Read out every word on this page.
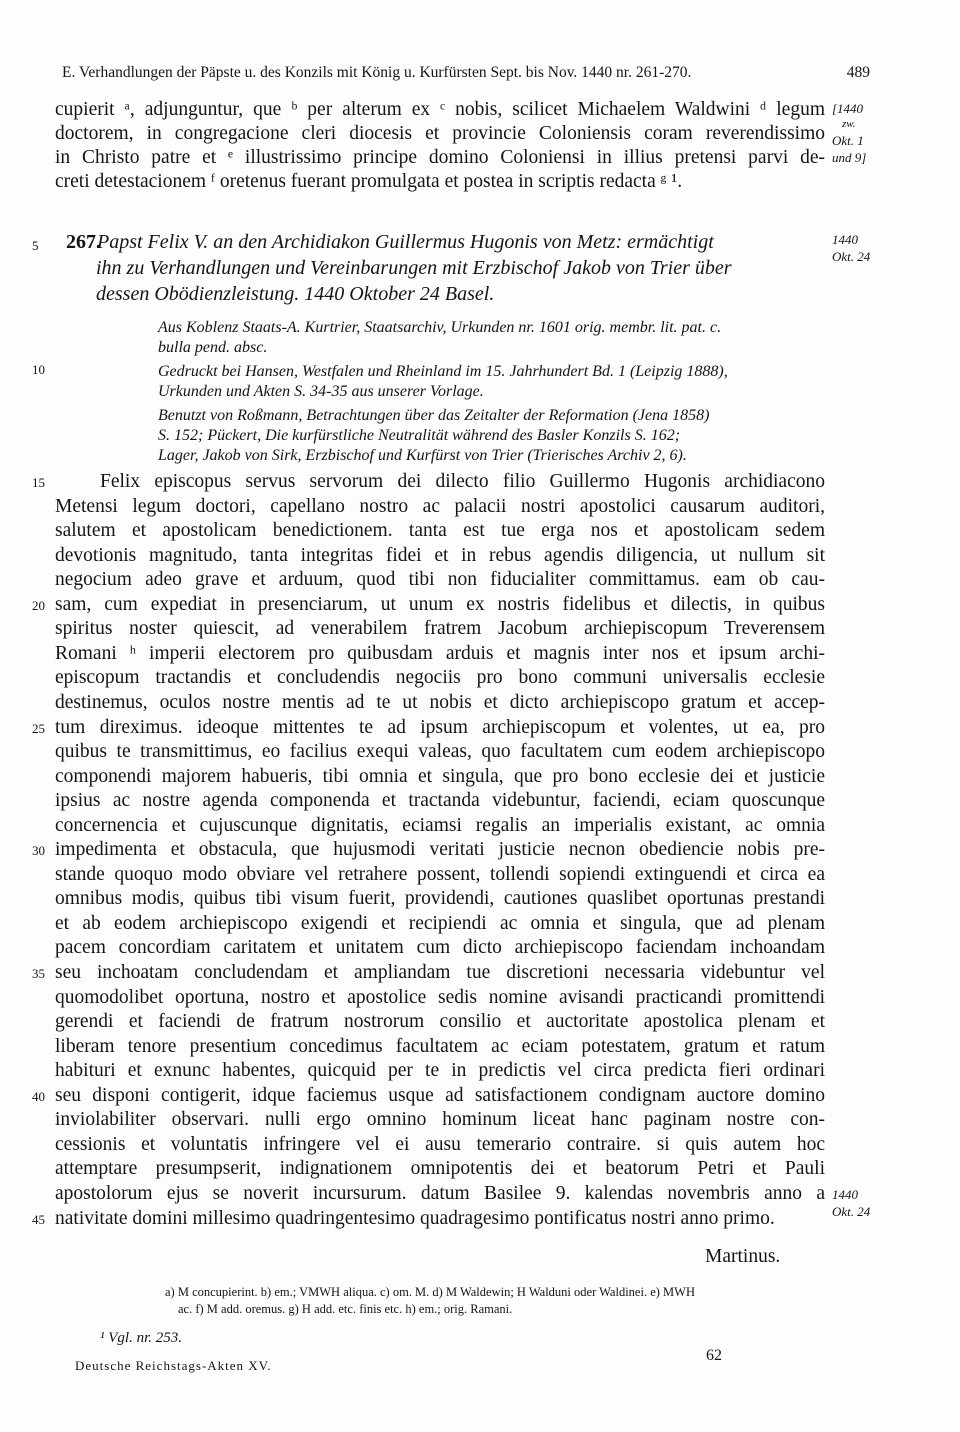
E. Verhandlungen der Päpste u. des Konzils mit König u. Kurfürsten Sept. bis Nov. 1440 nr. 261-270.	489
cupierit ᵃ, adjunguntur, que ᵇ per alterum ex ᶜ nobis, scilicet Michaelem Waldwini ᵈ legum
doctorem, in congregacione cleri diocesis et provincie Coloniensis coram reverendissimo
in Christo patre et ᵉ illustrissimo principe domino Coloniensi in illius pretensi parvi de-
creti detestacionem ᶠ oretenus fuerant promulgata et postea in scriptis redacta ᵍ ¹.
[1440
zw.
Okt. 1
und 9]
5	Papst Felix V. an den Archidiakon Guillermus Hugonis von Metz: ermächtigt
ihn zu Verhandlungen und Vereinbarungen mit Erzbischof Jakob von Trier über
dessen Obödienzleistung. 1440 Oktober 24 Basel.
267.	1440
Okt. 24
Aus Koblenz Staats-A. Kurtrier, Staatsarchiv, Urkunden nr. 1601 orig. membr. lit. pat. c.
bulla pend. absc.
Gedruckt bei Hansen, Westfalen und Rheinland im 15. Jahrhundert Bd. 1 (Leipzig 1888),
Urkunden und Akten S. 34-35 aus unserer Vorlage.
Benutzt von Roßmann, Betrachtungen über das Zeitalter der Reformation (Jena 1858)
S. 152; Pückert, Die kurfürstliche Neutralität während des Basler Konzils S. 162;
Lager, Jakob von Sirk, Erzbischof und Kurfürst von Trier (Trierisches Archiv 2, 6).
10
Felix episcopus servus servorum dei dilecto filio Guillermo Hugonis archidiacono
Metensi legum doctori, capellano nostro ac palacii nostri apostolici causarum auditori,
salutem et apostolicam benedictionem. tanta est tue erga nos et apostolicam sedem
devotionis magnitudo, tanta integritas fidei et in rebus agendis diligencia, ut nullum sit
negocium adeo grave et arduum, quod tibi non fiducialiter committamus. eam ob cau-
sam, cum expediat in presenciarum, ut unum ex nostris fidelibus et dilectis, in quibus
spiritus noster quiescit, ad venerabilem fratrem Jacobum archiepiscopum Treverensem
Romani ʰ imperii electorem pro quibusdam arduis et magnis inter nos et ipsum archi-
episcopum tractandis et concludendis negociis pro bono communi universalis ecclesie
destinemus, oculos nostre mentis ad te ut nobis et dicto archiepiscopo gratum et accep-
tum direximus. ideoque mittentes te ad ipsum archiepiscopum et volentes, ut ea, pro
quibus te transmittimus, eo facilius exequi valeas, quo facultatem cum eodem archiepiscopo
componendi majorem habueris, tibi omnia et singula, que pro bono ecclesie dei et justicie
ipsius ac nostre agenda componenda et tractanda videbuntur, faciendi, eciam quoscunque
concernencia et cujuscunque dignitatis, eciamsi regalis an imperialis existant, ac omnia
impedimenta et obstacula, que hujusmodi veritati justicie necnon obediencie nobis pre-
stande quoquo modo obviare vel retrahere possent, tollendi sopiendi extinguendi et circa ea
omnibus modis, quibus tibi visum fuerit, providendi, cautiones quaslibet oportunas prestandi
et ab eodem archiepiscopo exigendi et recipiendi ac omnia et singula, que ad plenam
pacem concordiam caritatem et unitatem cum dicto archiepiscopo faciendam inchoandam
seu inchoatam concludendam et ampliandam tue discretioni necessaria videbuntur vel
quomodolibet oportuna, nostro et apostolice sedis nomine avisandi practicandi promittendi
gerendi et faciendi de fratrum nostrorum consilio et auctoritate apostolica plenam et
liberam tenore presentium concedimus facultatem ac eciam potestatem, gratum et ratum
habituri et exnunc habentes, quicquid per te in predictis vel circa predicta fieri ordinari
seu disponi contigerit, idque faciemus usque ad satisfactionem condignam auctore domino
inviolabiliter observari. nulli ergo omnino hominum liceat hanc paginam nostre con-
cessionis et voluntatis infringere vel ei ausu temerario contraire. si quis autem hoc
attemptare presumpserit, indignationem omnipotentis dei et beatorum Petri et Pauli
apostolorum ejus se noverit incursurum. datum Basilee 9. kalendas novembris anno a
nativitate domini millesimo quadringentesimo quadragesimo pontificatus nostri anno primo.
15
20
25
30
35
40
45
1440
Okt. 24
Martinus.
a) M concupierint. b) em.; VMWH aliqua. c) om. M. d) M Waldewin; H Walduni oder Waldinei. e) MWH
ac. f) M add. oremus. g) H add. etc. finis etc. h) em.; orig. Ramani.
¹ Vgl. nr. 253.
Deutsche Reichstags-Akten XV.
62
